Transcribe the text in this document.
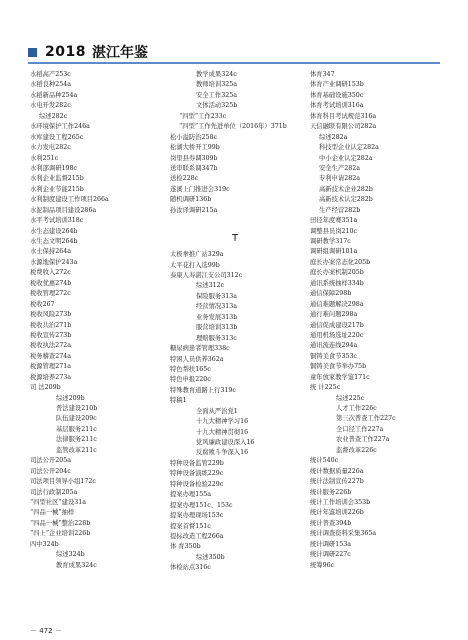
2018 湛江年鉴
水稻高产253c
水稻良种254a
水稻新品种254a
水电开发282c
综述282c
水环境保护工作246a
水库建设工程265c
水力发电282c
水利251c
水利部调研198c
水利企业监督215b
水利企业节能215b
水利制度建设工作项目266a
水泥制品项目建设286a
水平考试培训318c
水生态建设264b
水生态文明264b
水土保持264a
水源地保护243a
税费收入272c
税收优惠274b
税收管理272c
税收267
税收风险273b
税收共治271b
税收宣传273b
税收执法272a
税务稽查274a
税源管理271a
税源培养273a
司 法209b
综述209b
普法建设210b
队伍建设209c
基层服务211c
法律服务211c
监管改革211c
司法公开205a
司法公开204c
司法项目领导小组172c
司法行政制205a
“四型社区”建设31a
“四品一械”抽样
“四品一械”整治228b
“四上”企业培训226b
四中324b
综述324b
教育成果324c
教学成果324c
教师培训325a
安全工作325a
文体活动325b
“四型”工作233c
“四型”工作先进单位（2016年）371b
松小溢防治258c
松湖大桥开工99b
岗里县券调309b
送审联系调347b
送检228c
遂溪上门推进会319c
随机调研136b
孙汝译调研215a
T
太极拳推广站329a
太平花打入选99b
泰康人寿湛江支公司312c
综述312c
保险服务313a
经营情况313a
业务发展313b
服营培训313b
理赔服务313c
糖尿病患者管理338c
特困人员供养362a
特色帮扶165c
特色申报220c
特殊教育道路上行319c
特稿1
全面从严治党1
十九大精神学习16
十九大精神贯彻16
党风廉政建设深入16
反腐败斗争深入16
特种设备监管229b
特种设备演练229c
特种设备检验229c
提案办理155a
提案办理151c、153c
提案办理现场153c
提案首督151c
提标改造工程266a
体 育350b
综述350b
体检站点316c
体育347
体育产业调研153b
体育基础设施350c
体育考试培训316a
体育科目考试规范316a
天信融联有限公司282a
综述282a
科技型企业认定282a
中小企业认定282a
安全生产282a
专利申请282a
高新技术企业282b
高新技术认定282b
生产经营282b
田径年度赛351a
调整县员岗210c
调研教学317c
调研组调研101a
庭长办案常态化205b
庭长办案机制205b
通讯系统抽样334b
通信保障298b
通信难题解决298a
通行难问题298a
通信促成建设217b
通用机场选址220c
通讯流连线294a
铜铸美食节353c
铜铸美食节举办75b
童年放家教学鉴171c
统 计225c
综述225c
人才工作226c
第三次普查工作227c
全口径工作227a
农业普查工作227a
监督改革226c
统计540c
统计数据质量226a
统计法制宣传227b
统计服务226b
统计工作培训会353b
统计年鉴培训226b
统计普查394b
统计调查资料采集365a
统计调研153a
统计调研227c
统筹96c
－ 472 －
